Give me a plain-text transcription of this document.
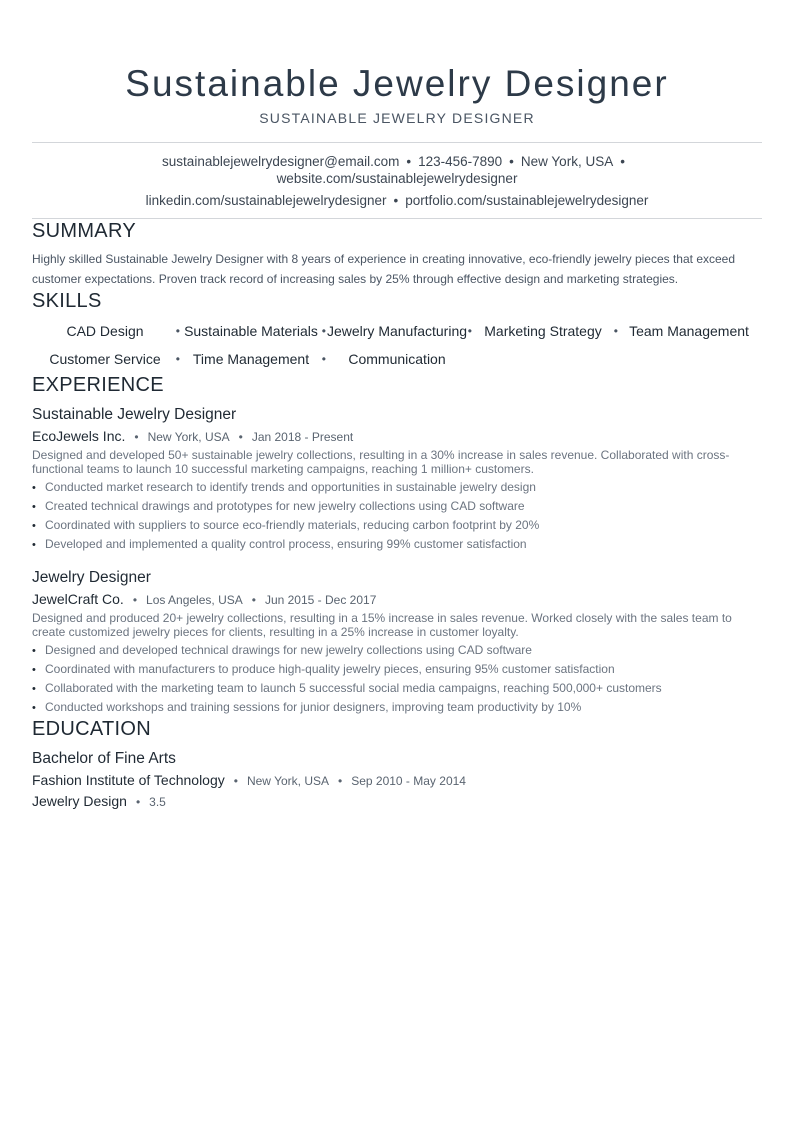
Sustainable Jewelry Designer
SUSTAINABLE JEWELRY DESIGNER
sustainablejewelrydesigner@email.com • 123-456-7890 • New York, USA •
website.com/sustainablejewelrydesigner
linkedin.com/sustainablejewelrydesigner • portfolio.com/sustainablejewelrydesigner
SUMMARY
Highly skilled Sustainable Jewelry Designer with 8 years of experience in creating innovative, eco-friendly jewelry pieces that exceed customer expectations. Proven track record of increasing sales by 25% through effective design and marketing strategies.
SKILLS
CAD Design	• Sustainable Materials • Jewelry Manufacturing • Marketing Strategy • Team Management
Customer Service • Time Management • Communication
EXPERIENCE
Sustainable Jewelry Designer
EcoJewels Inc. • New York, USA • Jan 2018 - Present
Designed and developed 50+ sustainable jewelry collections, resulting in a 30% increase in sales revenue. Collaborated with cross-functional teams to launch 10 successful marketing campaigns, reaching 1 million+ customers.
• Conducted market research to identify trends and opportunities in sustainable jewelry design
• Created technical drawings and prototypes for new jewelry collections using CAD software
• Coordinated with suppliers to source eco-friendly materials, reducing carbon footprint by 20%
• Developed and implemented a quality control process, ensuring 99% customer satisfaction
Jewelry Designer
JewelCraft Co. • Los Angeles, USA • Jun 2015 - Dec 2017
Designed and produced 20+ jewelry collections, resulting in a 15% increase in sales revenue. Worked closely with the sales team to create customized jewelry pieces for clients, resulting in a 25% increase in customer loyalty.
• Designed and developed technical drawings for new jewelry collections using CAD software
• Coordinated with manufacturers to produce high-quality jewelry pieces, ensuring 95% customer satisfaction
• Collaborated with the marketing team to launch 5 successful social media campaigns, reaching 500,000+ customers
• Conducted workshops and training sessions for junior designers, improving team productivity by 10%
EDUCATION
Bachelor of Fine Arts
Fashion Institute of Technology • New York, USA • Sep 2010 - May 2014
Jewelry Design • 3.5
